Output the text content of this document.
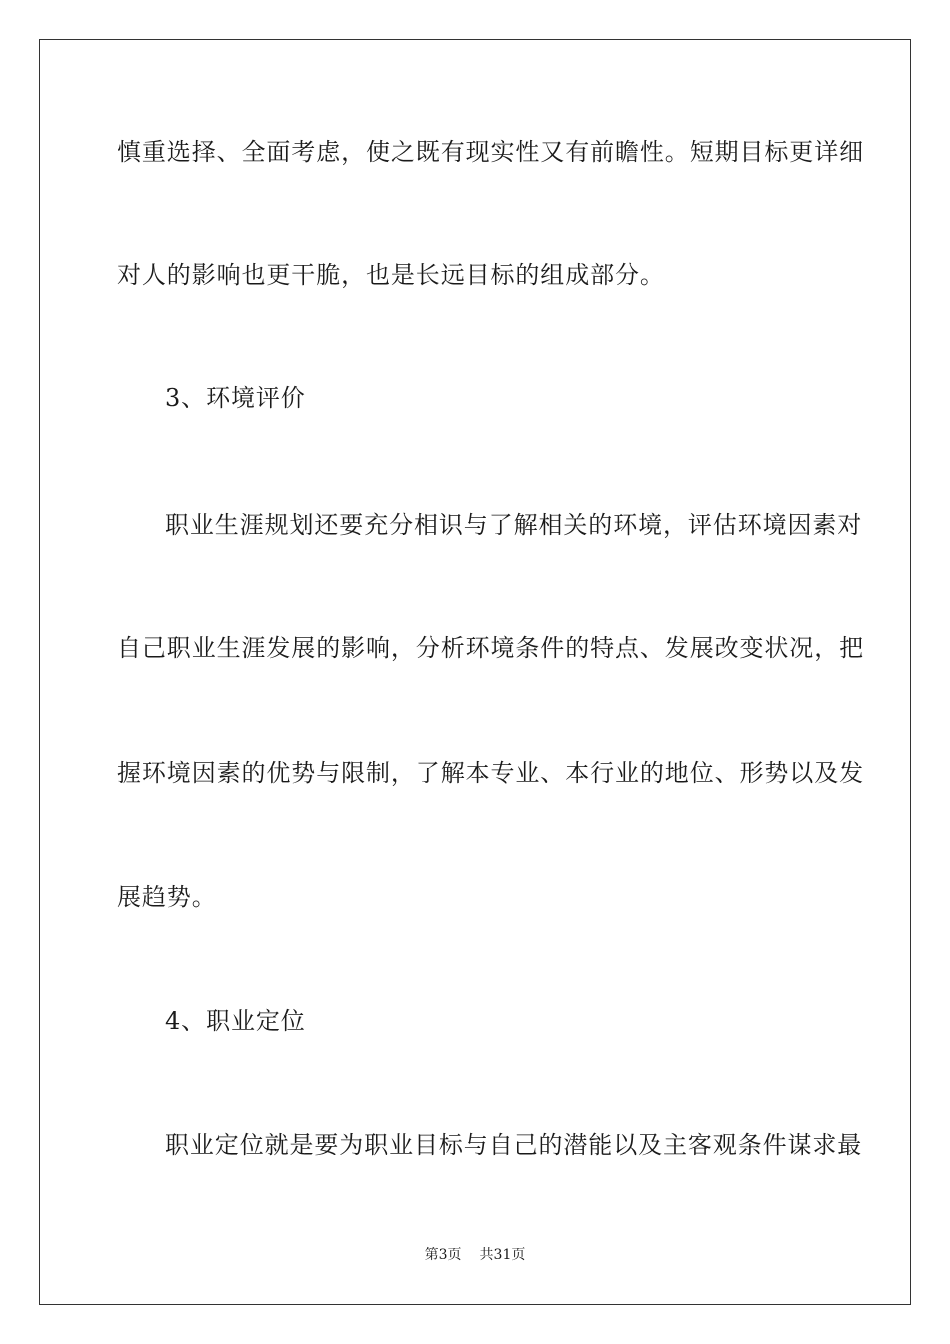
慎重选择、全面考虑，使之既有现实性又有前瞻性。短期目标更详细
对人的影响也更干脆，也是长远目标的组成部分。
3、环境评价
职业生涯规划还要充分相识与了解相关的环境，评估环境因素对
自己职业生涯发展的影响，分析环境条件的特点、发展改变状况，把
握环境因素的优势与限制，了解本专业、本行业的地位、形势以及发
展趋势。
4、职业定位
职业定位就是要为职业目标与自己的潜能以及主客观条件谋求最
第3页 共31页
